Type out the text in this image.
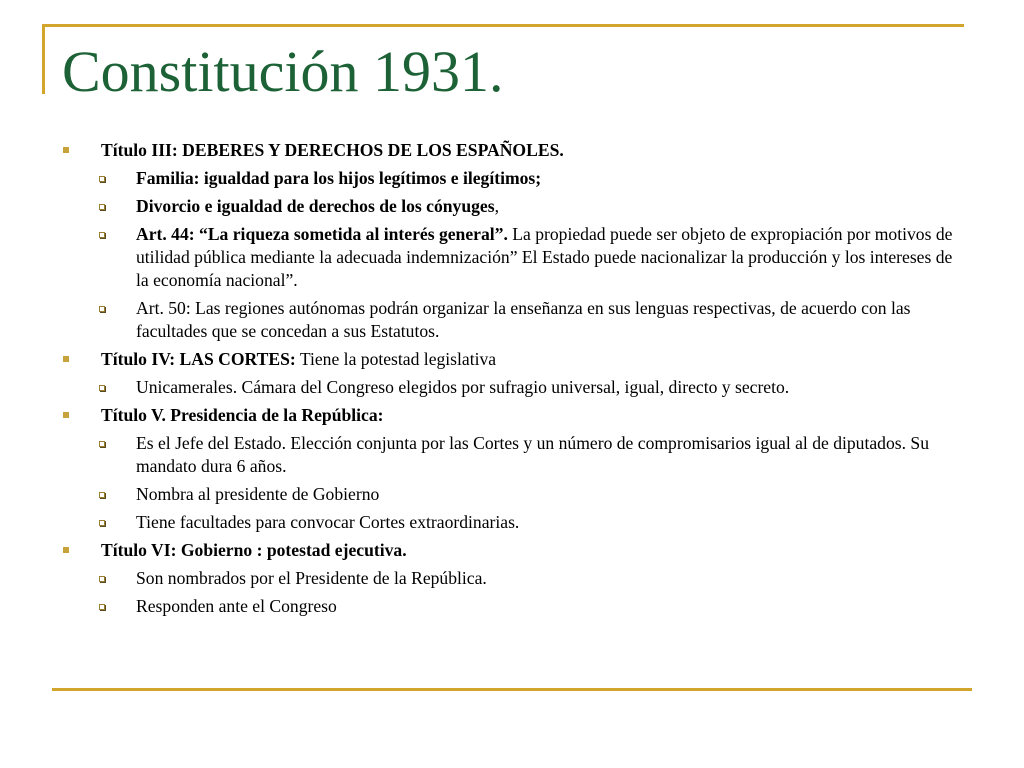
Constitución 1931.
Título III: DEBERES Y DERECHOS DE LOS ESPAÑOLES.
Familia: igualdad para los hijos legítimos e ilegítimos;
Divorcio e igualdad de derechos de los cónyuges,
Art. 44: “La riqueza sometida al interés general”. La propiedad puede ser objeto de expropiación por motivos de utilidad pública mediante la adecuada indemnización” El Estado puede nacionalizar la producción y los intereses de la economía nacional”.
Art. 50: Las regiones autónomas podrán organizar la enseñanza en sus lenguas respectivas, de acuerdo con las facultades que se concedan a sus Estatutos.
Título IV: LAS CORTES: Tiene la potestad legislativa
Unicamerales. Cámara del Congreso elegidos por sufragio universal, igual, directo y secreto.
Título V. Presidencia de la República:
Es el Jefe del Estado. Elección conjunta por las Cortes y un número de compromisarios igual al de diputados. Su mandato dura 6 años.
Nombra al presidente de Gobierno
Tiene facultades para convocar Cortes extraordinarias.
Título VI: Gobierno : potestad ejecutiva.
Son nombrados por el Presidente de la República.
Responden ante el Congreso
